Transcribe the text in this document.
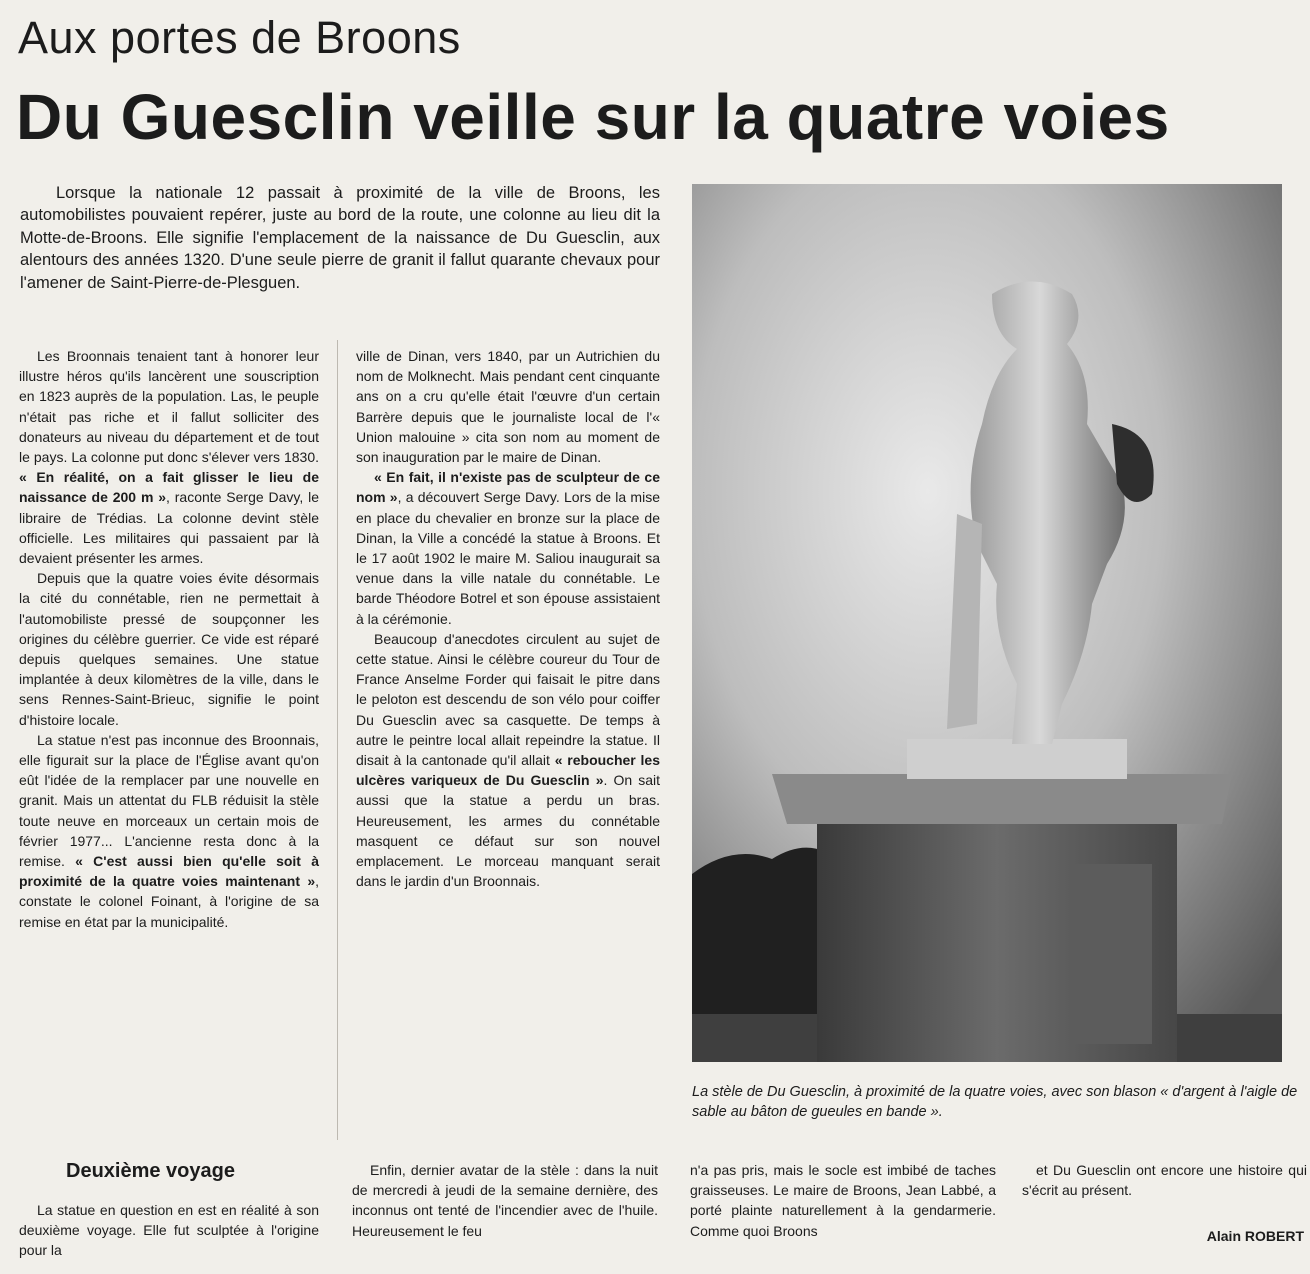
Aux portes de Broons
Du Guesclin veille sur la quatre voies

Lorsque la nationale 12 passait à proximité de la ville de Broons, les automobilistes pouvaient repérer, juste au bord de la route, une colonne au lieu dit la Motte-de-Broons. Elle signifie l'emplacement de la naissance de Du Guesclin, aux alentours des années 1320. D'une seule pierre de granit il fallut quarante chevaux pour l'amener de Saint-Pierre-de-Plesguen.

Les Broonnais tenaient tant à honorer leur illustre héros qu'ils lancèrent une souscription en 1823 auprès de la population. Las, le peuple n'était pas riche et il fallut solliciter des donateurs au niveau du département et de tout le pays. La colonne put donc s'élever vers 1830. « En réalité, on a fait glisser le lieu de naissance de 200 m », raconte Serge Davy, le libraire de Trédias. La colonne devint stèle officielle. Les militaires qui passaient par là devaient présenter les armes.

Depuis que la quatre voies évite désormais la cité du connétable, rien ne permettait à l'automobiliste pressé de soupçonner les origines du célèbre guerrier. Ce vide est réparé depuis quelques semaines. Une statue implantée à deux kilomètres de la ville, dans le sens Rennes-Saint-Brieuc, signifie le point d'histoire locale.

La statue n'est pas inconnue des Broonnais, elle figurait sur la place de l'Église avant qu'on eût l'idée de la remplacer par une nouvelle en granit. Mais un attentat du FLB réduisit la stèle toute neuve en morceaux un certain mois de février 1977... L'ancienne resta donc à la remise. « C'est aussi bien qu'elle soit à proximité de la quatre voies maintenant », constate le colonel Foinant, à l'origine de sa remise en état par la municipalité.

ville de Dinan, vers 1840, par un Autrichien du nom de Molknecht. Mais pendant cent cinquante ans on a cru qu'elle était l'œuvre d'un certain Barrère depuis que le journaliste local de l'« Union malouine » cita son nom au moment de son inauguration par le maire de Dinan.

« En fait, il n'existe pas de sculpteur de ce nom », a découvert Serge Davy. Lors de la mise en place du chevalier en bronze sur la place de Dinan, la Ville a concédé la statue à Broons. Et le 17 août 1902 le maire M. Saliou inaugurait sa venue dans la ville natale du connétable. Le barde Théodore Botrel et son épouse assistaient à la cérémonie.

Beaucoup d'anecdotes circulent au sujet de cette statue. Ainsi le célèbre coureur du Tour de France Anselme Forder qui faisait le pitre dans le peloton est descendu de son vélo pour coiffer Du Guesclin avec sa casquette. De temps à autre le peintre local allait repeindre la statue. Il disait à la cantonade qu'il allait « reboucher les ulcères variqueux de Du Guesclin ». On sait aussi que la statue a perdu un bras. Heureusement, les armes du connétable masquent ce défaut sur son nouvel emplacement. Le morceau manquant serait dans le jardin d'un Broonnais.

La stèle de Du Guesclin, à proximité de la quatre voies, avec son blason « d'argent à l'aigle de sable au bâton de gueules en bande ».

Deuxième voyage

La statue en question en est en réalité à son deuxième voyage. Elle fut sculptée à l'origine pour la

Enfin, dernier avatar de la stèle : dans la nuit de mercredi à jeudi de la semaine dernière, des inconnus ont tenté de l'incendier avec de l'huile. Heureusement le feu

n'a pas pris, mais le socle est imbibé de taches graisseuses. Le maire de Broons, Jean Labbé, a porté plainte naturellement à la gendarmerie. Comme quoi Broons

et Du Guesclin ont encore une histoire qui s'écrit au présent.

Alain ROBERT
